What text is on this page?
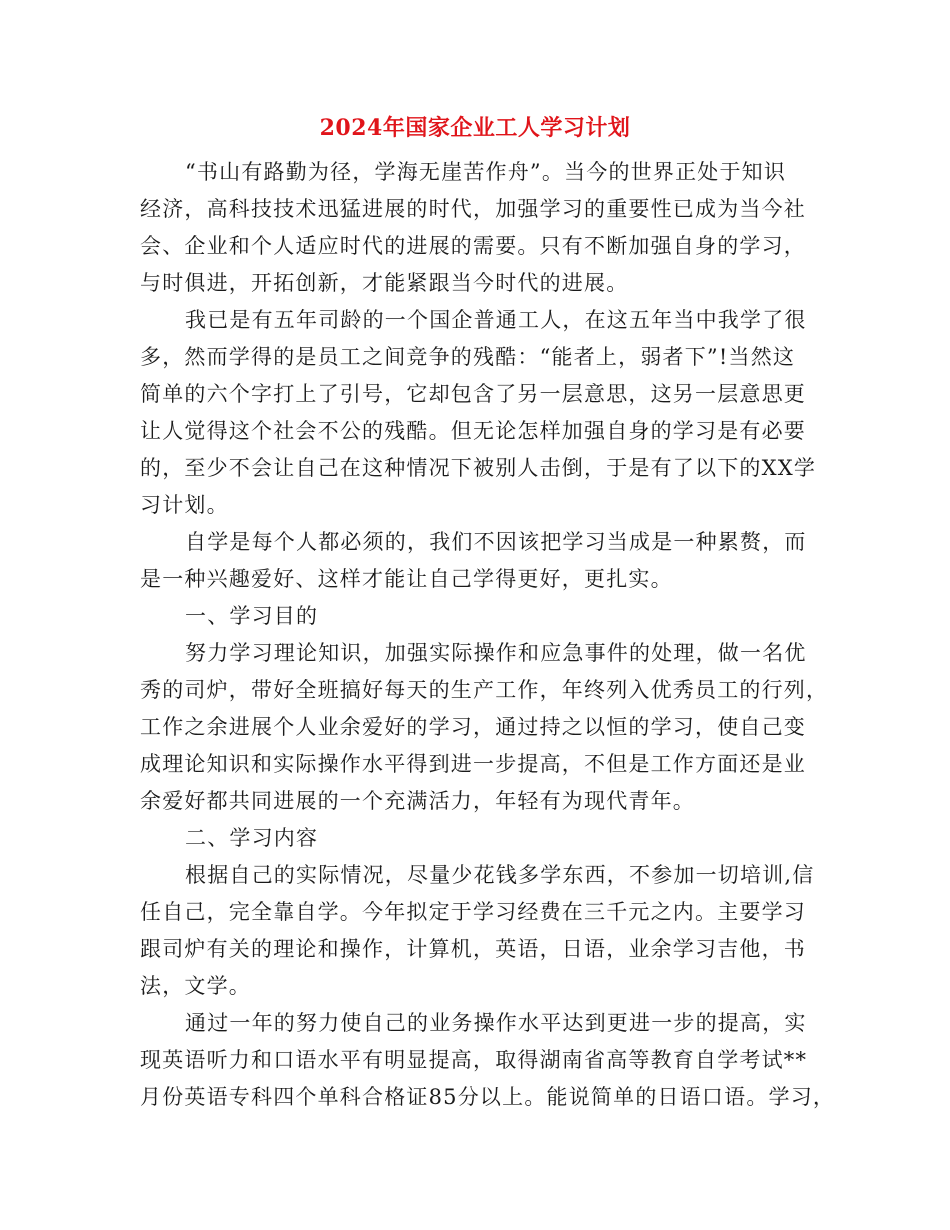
2024年国家企业工人学习计划
“书山有路勤为径，学海无崖苦作舟”。当今的世界正处于知识
经济，高科技技术迅猛进展的时代，加强学习的重要性已成为当今社
会、企业和个人适应时代的进展的需要。只有不断加强自身的学习，
与时俱进，开拓创新，才能紧跟当今时代的进展。
我已是有五年司龄的一个国企普通工人，在这五年当中我学了很
多，然而学得的是员工之间竞争的残酷：“能者上，弱者下”!当然这
简单的六个字打上了引号，它却包含了另一层意思，这另一层意思更
让人觉得这个社会不公的残酷。但无论怎样加强自身的学习是有必要
的，至少不会让自己在这种情况下被别人击倒，于是有了以下的XX学
习计划。
自学是每个人都必须的，我们不因该把学习当成是一种累赘，而
是一种兴趣爱好、这样才能让自己学得更好，更扎实。
一、学习目的
努力学习理论知识，加强实际操作和应急事件的处理，做一名优
秀的司炉，带好全班搞好每天的生产工作，年终列入优秀员工的行列，
工作之余进展个人业余爱好的学习，通过持之以恒的学习，使自己变
成理论知识和实际操作水平得到进一步提高，不但是工作方面还是业
余爱好都共同进展的一个充满活力，年轻有为现代青年。
二、学习内容
根据自己的实际情况，尽量少花钱多学东西，不参加一切培训,信
任自己，完全靠自学。今年拟定于学习经费在三千元之内。主要学习
跟司炉有关的理论和操作，计算机，英语，日语，业余学习吉他，书
法，文学。
通过一年的努力使自己的业务操作水平达到更进一步的提高，实
现英语听力和口语水平有明显提高，取得湖南省高等教育自学考试**
月份英语专科四个单科合格证85分以上。能说简单的日语口语。学习，
